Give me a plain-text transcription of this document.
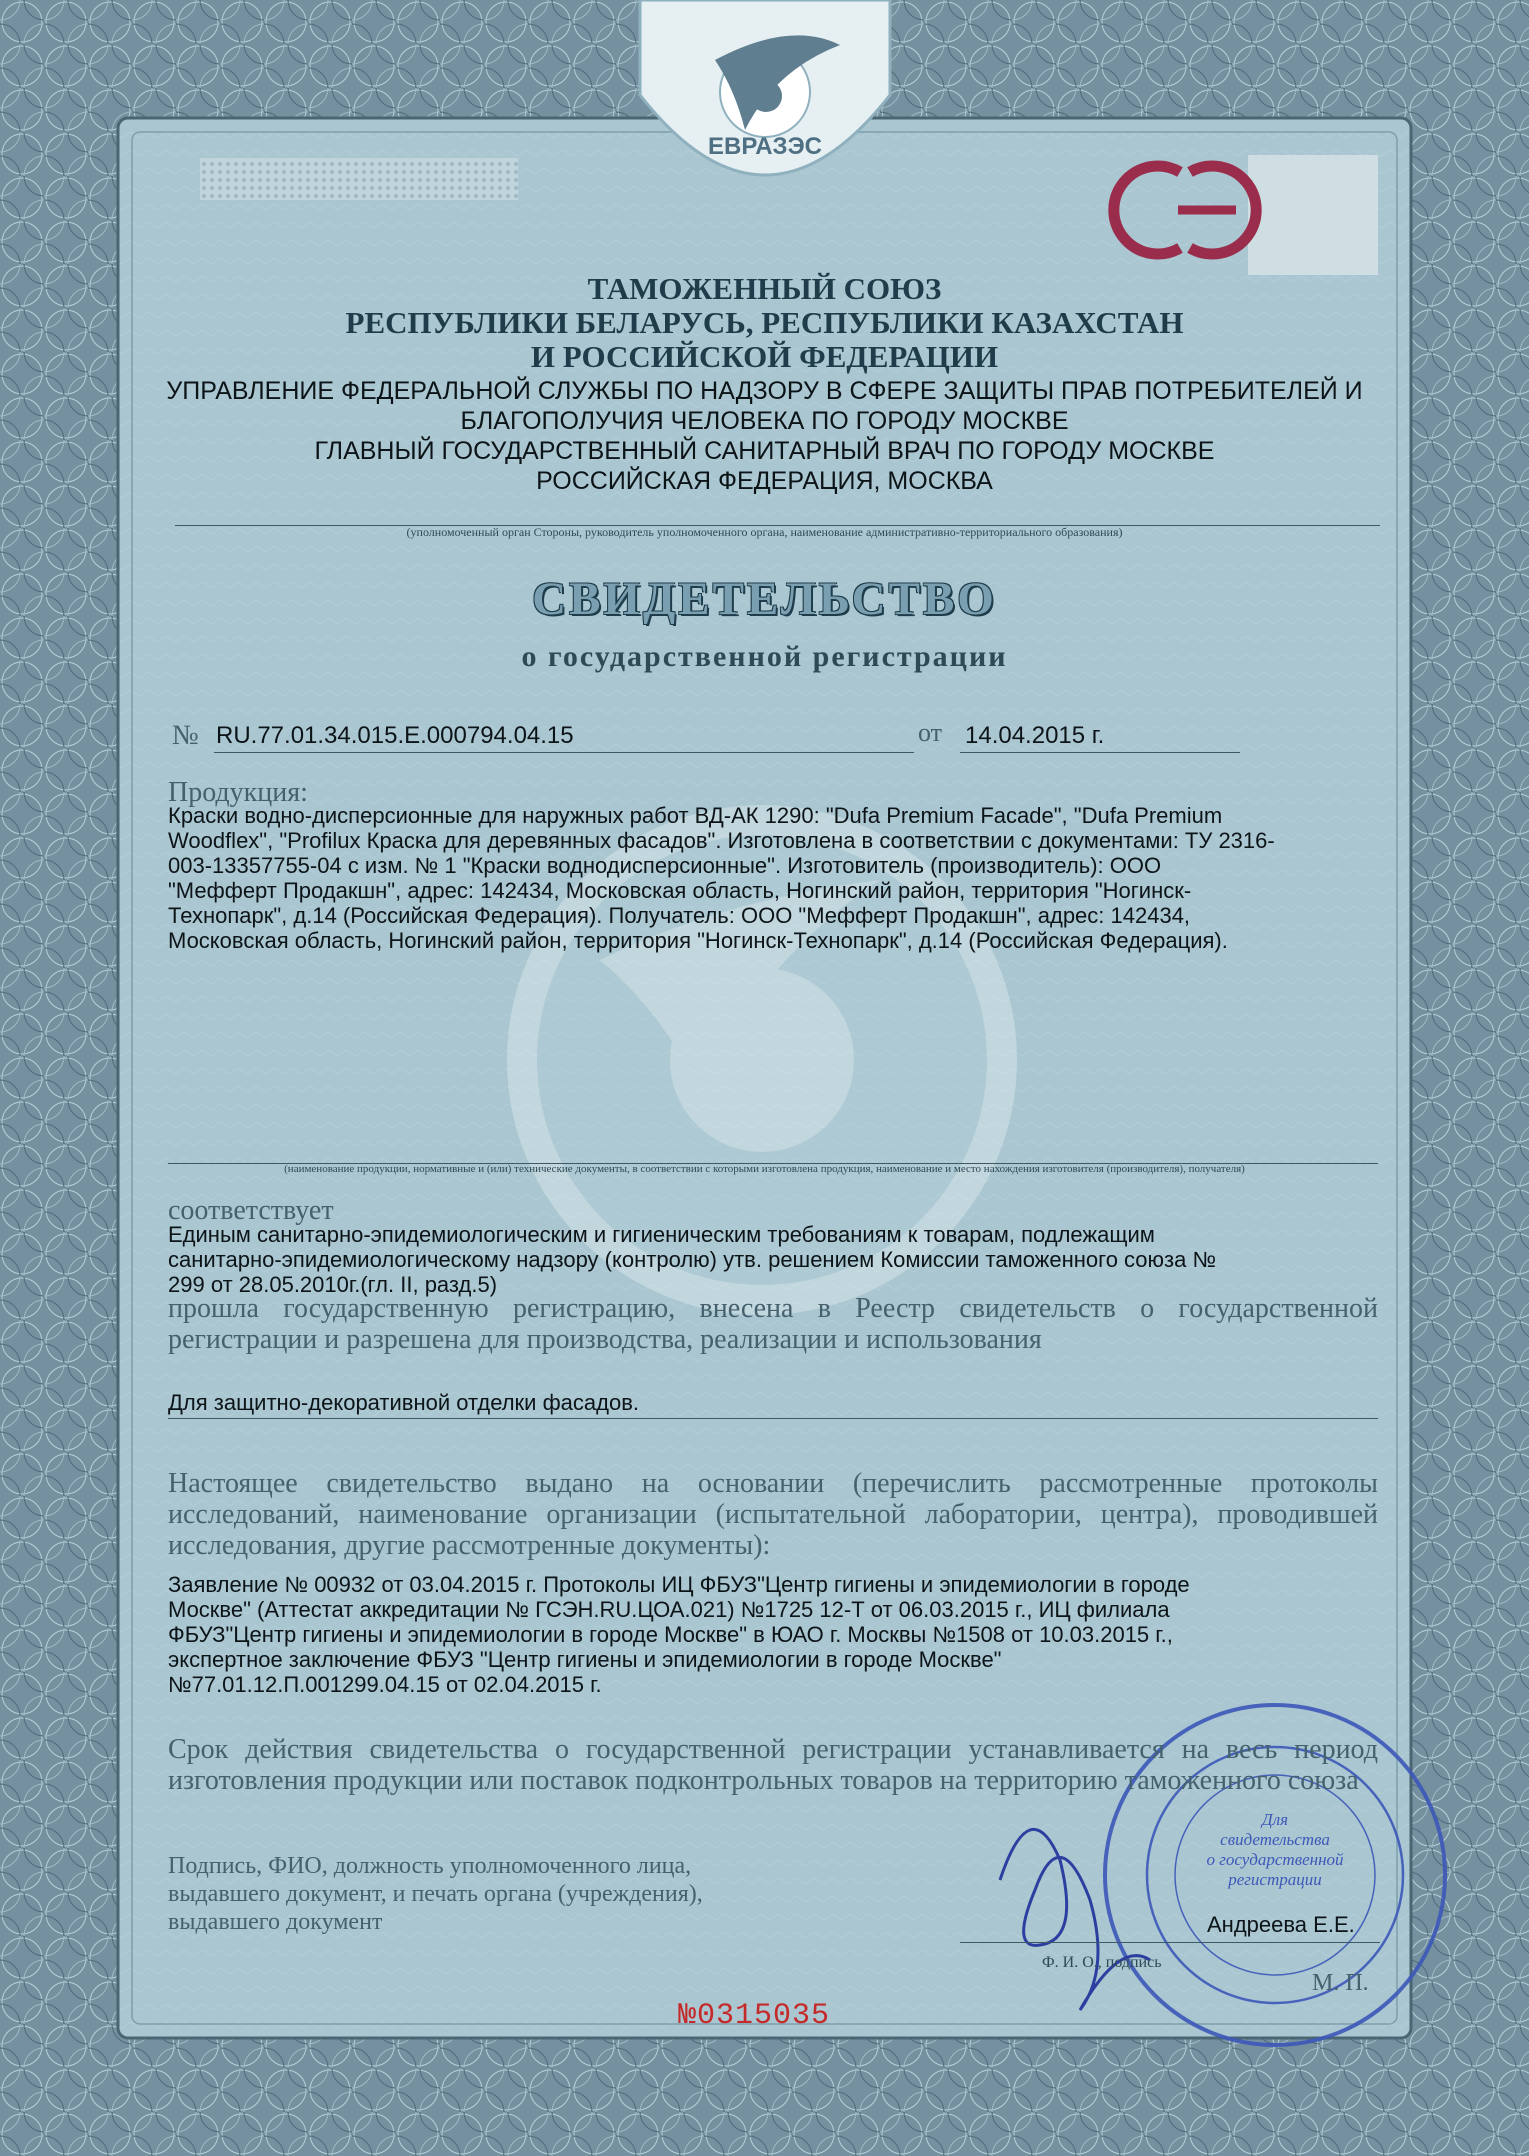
ЕВРАЗЭС
ТАМОЖЕННЫЙ СОЮЗ
РЕСПУБЛИКИ БЕЛАРУСЬ, РЕСПУБЛИКИ КАЗАХСТАН
И РОССИЙСКОЙ ФЕДЕРАЦИИ
УПРАВЛЕНИЕ ФЕДЕРАЛЬНОЙ СЛУЖБЫ ПО НАДЗОРУ В СФЕРЕ ЗАЩИТЫ ПРАВ ПОТРЕБИТЕЛЕЙ И
БЛАГОПОЛУЧИЯ ЧЕЛОВЕКА ПО ГОРОДУ МОСКВЕ
ГЛАВНЫЙ ГОСУДАРСТВЕННЫЙ САНИТАРНЫЙ ВРАЧ ПО ГОРОДУ МОСКВЕ
РОССИЙСКАЯ ФЕДЕРАЦИЯ, МОСКВА
(уполномоченный орган Стороны, руководитель уполномоченного органа, наименование административно-территориального образования)
СВИДЕТЕЛЬСТВО
о государственной регистрации
№ RU.77.01.34.015.E.000794.04.15	от 14.04.2015 г.
Продукция:
Краски водно-дисперсионные для наружных работ ВД-АК 1290: "Dufa Premium Facade", "Dufa Premium
Woodflex", "Profilux Краска для деревянных фасадов". Изготовлена в соответствии с документами: ТУ 2316-
003-13357755-04 с изм. № 1 "Краски воднодисперсионные". Изготовитель (производитель): ООО
"Мефферт Продакшн", адрес: 142434, Московская область, Ногинский район, территория "Ногинск-
Технопарк", д.14 (Российская Федерация). Получатель: ООО "Мефферт Продакшн", адрес: 142434,
Московская область, Ногинский район, территория "Ногинск-Технопарк", д.14 (Российская Федерация).
(наименование продукции, нормативные и (или) технические документы, в соответствии с которыми изготовлена продукция, наименование и место нахождения изготовителя (производителя), получателя)
соответствует
Единым санитарно-эпидемиологическим и гигиеническим требованиям к товарам, подлежащим
санитарно-эпидемиологическому надзору (контролю) утв. решением Комиссии таможенного союза №
299 от 28.05.2010г.(гл. II, разд.5)
прошла государственную регистрацию, внесена в Реестр свидетельств о государственной регистрации и разрешена для производства, реализации и использования
Для защитно-декоративной отделки фасадов.
Настоящее свидетельство выдано на основании (перечислить рассмотренные протоколы исследований, наименование организации (испытательной лаборатории, центра), проводившей исследования, другие рассмотренные документы):
Заявление № 00932 от 03.04.2015 г. Протоколы ИЦ ФБУЗ"Центр гигиены и эпидемиологии в городе
Москве" (Аттестат аккредитации № ГСЭН.RU.ЦОА.021) №1725 12-Т от 06.03.2015 г., ИЦ филиала
ФБУЗ"Центр гигиены и эпидемиологии в городе Москве" в ЮАО г. Москвы №1508 от 10.03.2015 г.,
экспертное заключение ФБУЗ "Центр гигиены и эпидемиологии в городе Москве"
№77.01.12.П.001299.04.15 от 02.04.2015 г.
Срок действия свидетельства о государственной регистрации устанавливается на весь период изготовления продукции или поставок подконтрольных товаров на территорию таможенного союза
Подпись, ФИО, должность уполномоченного лица,
выдавшего документ, и печать органа (учреждения),
выдавшего документ	Андреева Е.Е.
Ф. И. О., подпись
М. П.
Для
свидетельства
о государственной
регистрации
№0315035
